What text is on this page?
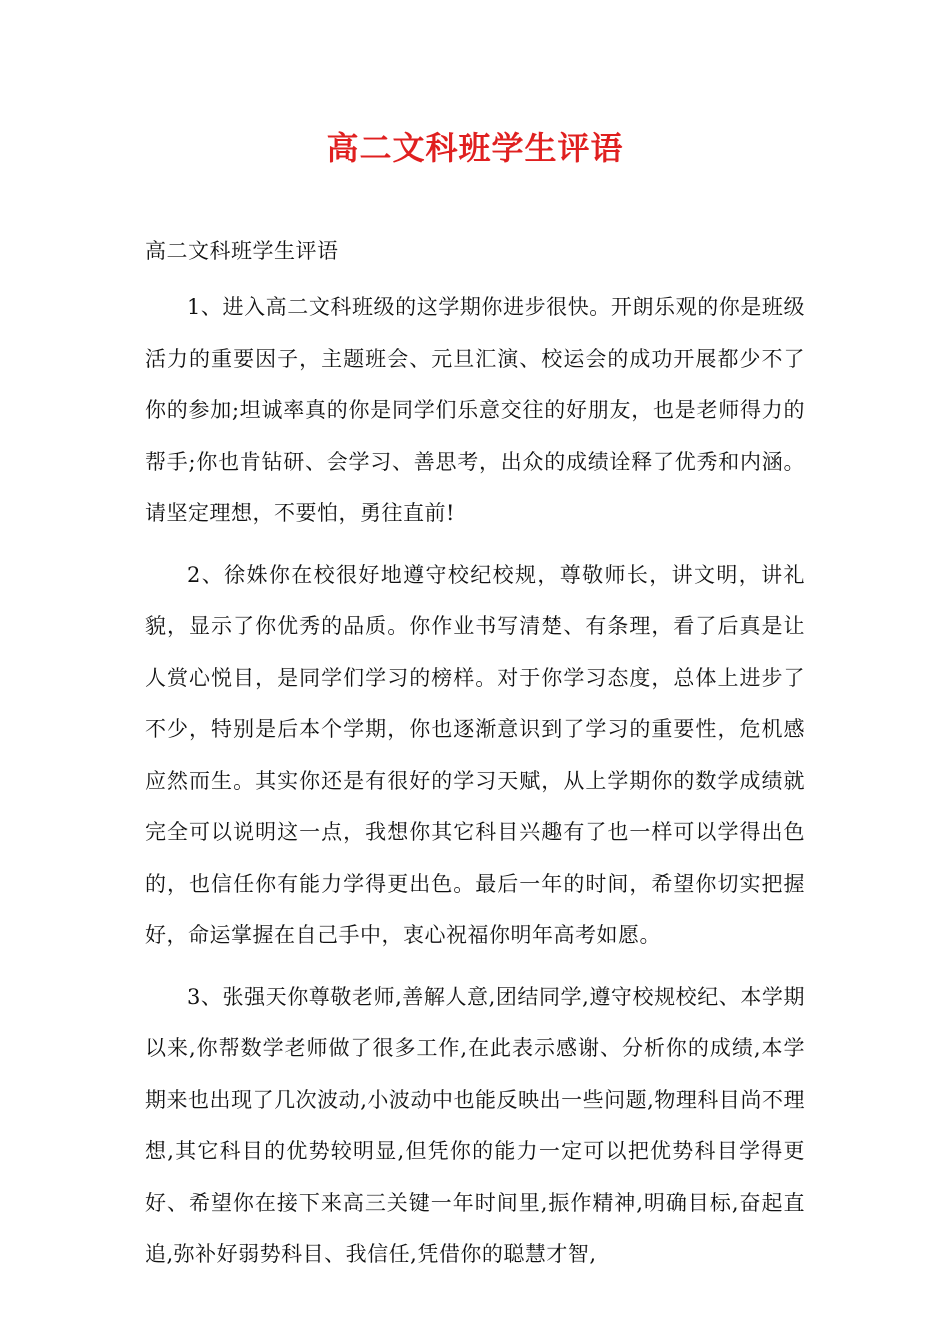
高二文科班学生评语

高二文科班学生评语

1、进入高二文科班级的这学期你进步很快。开朗乐观的你是班级活力的重要因子，主题班会、元旦汇演、校运会的成功开展都少不了你的参加;坦诚率真的你是同学们乐意交往的好朋友，也是老师得力的帮手;你也肯钻研、会学习、善思考，出众的成绩诠释了优秀和内涵。请坚定理想，不要怕，勇往直前!

2、徐姝你在校很好地遵守校纪校规，尊敬师长，讲文明，讲礼貌，显示了你优秀的品质。你作业书写清楚、有条理，看了后真是让人赏心悦目，是同学们学习的榜样。对于你学习态度，总体上进步了不少，特别是后本个学期，你也逐渐意识到了学习的重要性，危机感应然而生。其实你还是有很好的学习天赋，从上学期你的数学成绩就完全可以说明这一点，我想你其它科目兴趣有了也一样可以学得出色的，也信任你有能力学得更出色。最后一年的时间，希望你切实把握好，命运掌握在自己手中，衷心祝福你明年高考如愿。

3、张强天你尊敬老师,善解人意,团结同学,遵守校规校纪、本学期以来,你帮数学老师做了很多工作,在此表示感谢、分析你的成绩,本学期来也出现了几次波动,小波动中也能反映出一些问题,物理科目尚不理想,其它科目的优势较明显,但凭你的能力一定可以把优势科目学得更好、希望你在接下来高三关键一年时间里,振作精神,明确目标,奋起直追,弥补好弱势科目、我信任,凭借你的聪慧才智,
